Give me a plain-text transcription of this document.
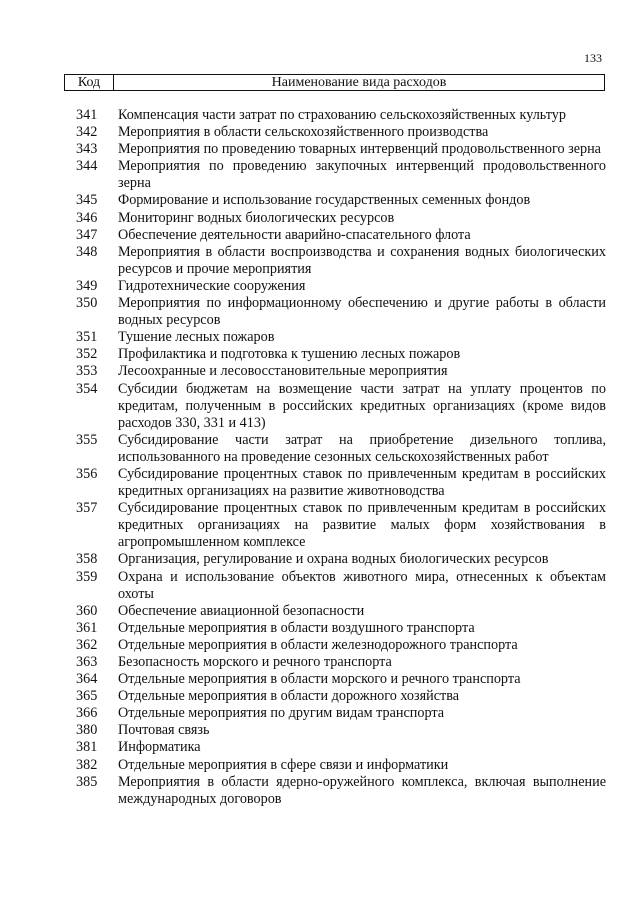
133
Код	Наименование вида расходов
341	Компенсация части затрат по страхованию сельскохозяйственных культур
342	Мероприятия в области сельскохозяйственного производства
343	Мероприятия по проведению товарных интервенций продовольственного зерна
344	Мероприятия по проведению закупочных интервенций продовольственного зерна
345	Формирование и использование государственных семенных фондов
346	Мониторинг водных биологических ресурсов
347	Обеспечение деятельности аварийно-спасательного флота
348	Мероприятия в области воспроизводства и сохранения водных биологических ресурсов и прочие мероприятия
349	Гидротехнические сооружения
350	Мероприятия по информационному обеспечению и другие работы в области водных ресурсов
351	Тушение лесных пожаров
352	Профилактика и подготовка к тушению лесных пожаров
353	Лесоохранные и лесовосстановительные мероприятия
354	Субсидии бюджетам на возмещение части затрат на уплату процентов по кредитам, полученным в российских кредитных организациях (кроме видов расходов 330, 331 и 413)
355	Субсидирование части затрат на приобретение дизельного топлива, использованного на проведение сезонных сельскохозяйственных работ
356	Субсидирование процентных ставок по привлеченным кредитам в российских кредитных организациях на развитие животноводства
357	Субсидирование процентных ставок по привлеченным кредитам в российских кредитных организациях на развитие малых форм хозяйствования в агропромышленном комплексе
358	Организация, регулирование и охрана водных биологических ресурсов
359	Охрана и использование объектов животного мира, отнесенных к объектам охоты
360	Обеспечение авиационной безопасности
361	Отдельные мероприятия в области воздушного транспорта
362	Отдельные мероприятия в области железнодорожного транспорта
363	Безопасность морского и речного транспорта
364	Отдельные мероприятия в области морского и речного транспорта
365	Отдельные мероприятия в области дорожного хозяйства
366	Отдельные мероприятия по другим видам транспорта
380	Почтовая связь
381	Информатика
382	Отдельные мероприятия в сфере связи и информатики
385	Мероприятия в области ядерно-оружейного комплекса, включая выполнение международных договоров
